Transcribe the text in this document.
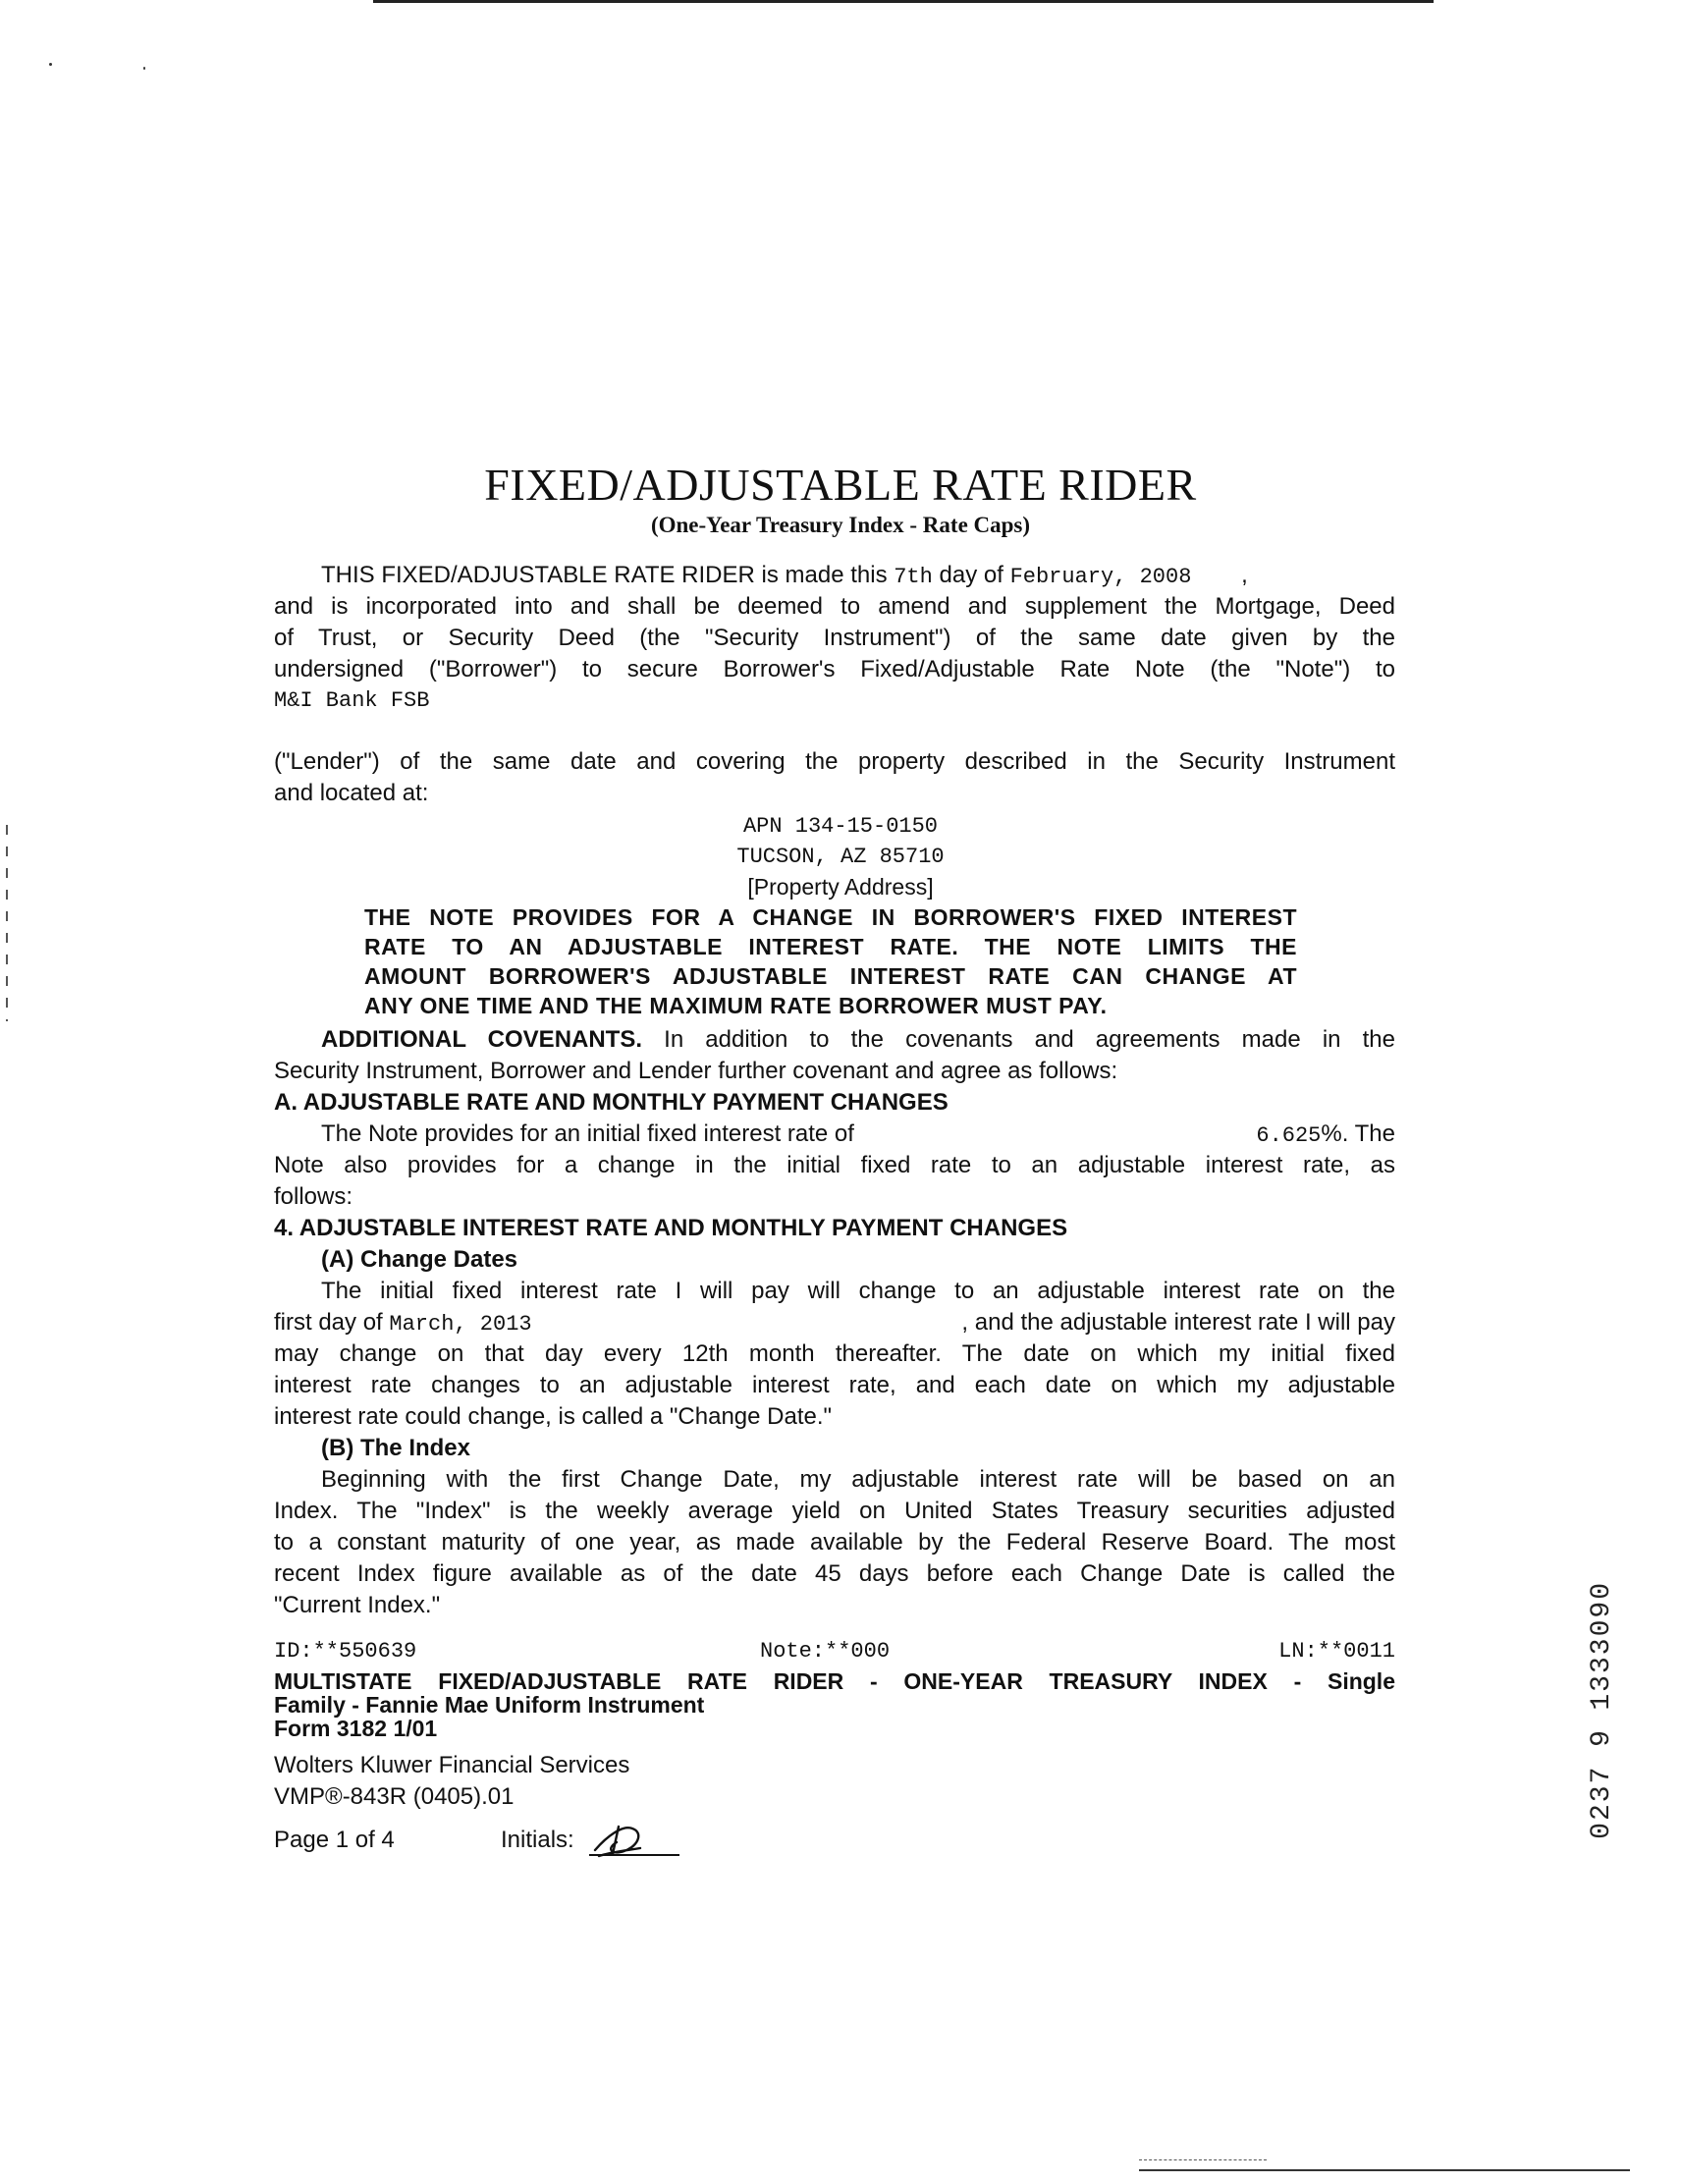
FIXED/ADJUSTABLE RATE RIDER
(One-Year Treasury Index - Rate Caps)
THIS FIXED/ADJUSTABLE RATE RIDER is made this 7th day of February, 2008 ,
and is incorporated into and shall be deemed to amend and supplement the Mortgage, Deed
of Trust, or Security Deed (the "Security Instrument") of the same date given by the
undersigned ("Borrower") to secure Borrower's Fixed/Adjustable Rate Note (the "Note") to
M&I Bank FSB
("Lender") of the same date and covering the property described in the Security Instrument
and located at:
APN 134-15-0150
TUCSON, AZ 85710
[Property Address]
THE NOTE PROVIDES FOR A CHANGE IN BORROWER'S FIXED INTEREST
RATE TO AN ADJUSTABLE INTEREST RATE. THE NOTE LIMITS THE
AMOUNT BORROWER'S ADJUSTABLE INTEREST RATE CAN CHANGE AT
ANY ONE TIME AND THE MAXIMUM RATE BORROWER MUST PAY.
ADDITIONAL COVENANTS. In addition to the covenants and agreements made in the
Security Instrument, Borrower and Lender further covenant and agree as follows:
A. ADJUSTABLE RATE AND MONTHLY PAYMENT CHANGES
The Note provides for an initial fixed interest rate of	6.625%. The
Note also provides for a change in the initial fixed rate to an adjustable interest rate, as
follows:
4. ADJUSTABLE INTEREST RATE AND MONTHLY PAYMENT CHANGES
(A) Change Dates
The initial fixed interest rate I will pay will change to an adjustable interest rate on the
first day of March, 2013	, and the adjustable interest rate I will pay
may change on that day every 12th month thereafter. The date on which my initial fixed
interest rate changes to an adjustable interest rate, and each date on which my adjustable
interest rate could change, is called a "Change Date."
(B) The Index
Beginning with the first Change Date, my adjustable interest rate will be based on an
Index. The "Index" is the weekly average yield on United States Treasury securities adjusted
to a constant maturity of one year, as made available by the Federal Reserve Board. The most
recent Index figure available as of the date 45 days before each Change Date is called the
"Current Index."
ID:**550639	Note:**000	LN:**0011
MULTISTATE FIXED/ADJUSTABLE RATE RIDER - ONE-YEAR TREASURY INDEX - Single
Family - Fannie Mae Uniform Instrument
Form 3182 1/01
Wolters Kluwer Financial Services
VMP®-843R (0405).01
Page 1 of 4	Initials:
1333090
0237 9
